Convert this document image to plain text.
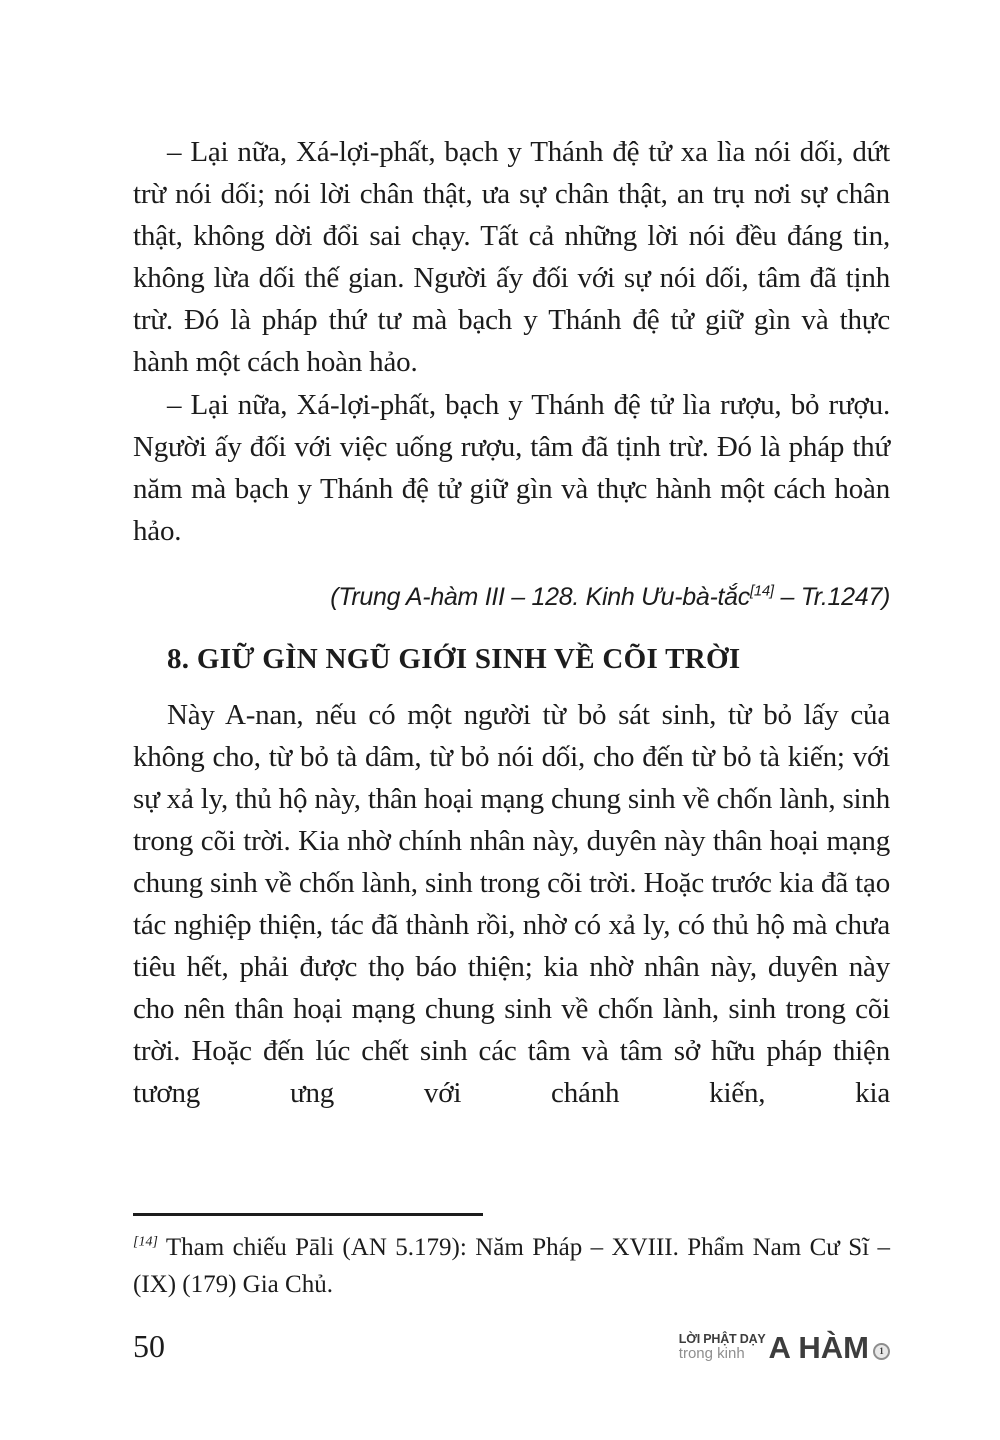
– Lại nữa, Xá-lợi-phất, bạch y Thánh đệ tử xa lìa nói dối, dứt trừ nói dối; nói lời chân thật, ưa sự chân thật, an trụ nơi sự chân thật, không dời đổi sai chạy. Tất cả những lời nói đều đáng tin, không lừa dối thế gian. Người ấy đối với sự nói dối, tâm đã tịnh trừ. Đó là pháp thứ tư mà bạch y Thánh đệ tử giữ gìn và thực hành một cách hoàn hảo.

– Lại nữa, Xá-lợi-phất, bạch y Thánh đệ tử lìa rượu, bỏ rượu. Người ấy đối với việc uống rượu, tâm đã tịnh trừ. Đó là pháp thứ năm mà bạch y Thánh đệ tử giữ gìn và thực hành một cách hoàn hảo.

(Trung A-hàm III – 128. Kinh Ưu-bà-tắc[14] – Tr.1247)

8. GIỮ GÌN NGŨ GIỚI SINH VỀ CÕI TRỜI

Này A-nan, nếu có một người từ bỏ sát sinh, từ bỏ lấy của không cho, từ bỏ tà dâm, từ bỏ nói dối, cho đến từ bỏ tà kiến; với sự xả ly, thủ hộ này, thân hoại mạng chung sinh về chốn lành, sinh trong cõi trời. Kia nhờ chính nhân này, duyên này thân hoại mạng chung sinh về chốn lành, sinh trong cõi trời. Hoặc trước kia đã tạo tác nghiệp thiện, tác đã thành rồi, nhờ có xả ly, có thủ hộ mà chưa tiêu hết, phải được thọ báo thiện; kia nhờ nhân này, duyên này cho nên thân hoại mạng chung sinh về chốn lành, sinh trong cõi trời. Hoặc đến lúc chết sinh các tâm và tâm sở hữu pháp thiện tương ưng với chánh kiến, kia

[14] Tham chiếu Pāli (AN 5.179): Năm Pháp – XVIII. Phẩm Nam Cư Sĩ – (IX) (179) Gia Chủ.

50	LỜI PHẬT DẠY
trong kinh A HÀM	1
